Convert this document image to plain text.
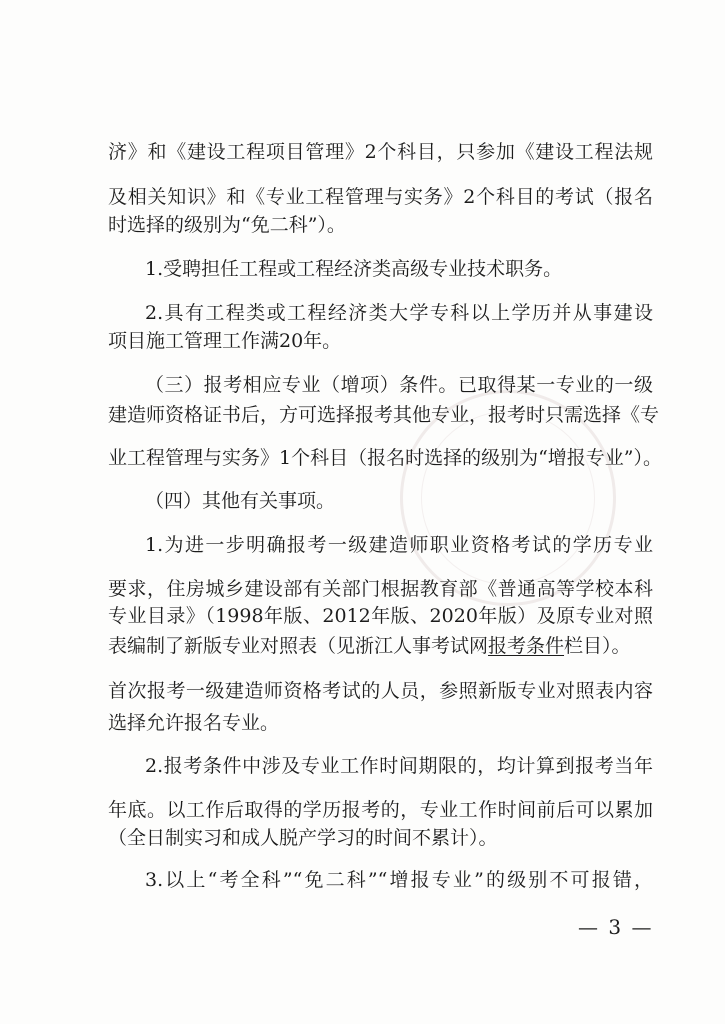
济》和《建设工程项目管理》2个科目，只参加《建设工程法规
及相关知识》和《专业工程管理与实务》2个科目的考试（报名
时选择的级别为“免二科”）。
1.受聘担任工程或工程经济类高级专业技术职务。
2.具有工程类或工程经济类大学专科以上学历并从事建设
项目施工管理工作满20年。
（三）报考相应专业（增项）条件。已取得某一专业的一级
建造师资格证书后，方可选择报考其他专业，报考时只需选择《专
业工程管理与实务》1个科目（报名时选择的级别为“增报专业”）。
（四）其他有关事项。
1.为进一步明确报考一级建造师职业资格考试的学历专业
要求，住房城乡建设部有关部门根据教育部《普通高等学校本科
专业目录》（1998年版、2012年版、2020年版）及原专业对照
表编制了新版专业对照表（见浙江人事考试网报考条件栏目）。
首次报考一级建造师资格考试的人员，参照新版专业对照表内容
选择允许报名专业。
2.报考条件中涉及专业工作时间期限的，均计算到报考当年
年底。以工作后取得的学历报考的，专业工作时间前后可以累加
（全日制实习和成人脱产学习的时间不累计）。
3.以上“考全科”“免二科”“增报专业”的级别不可报错，
— 3 —
